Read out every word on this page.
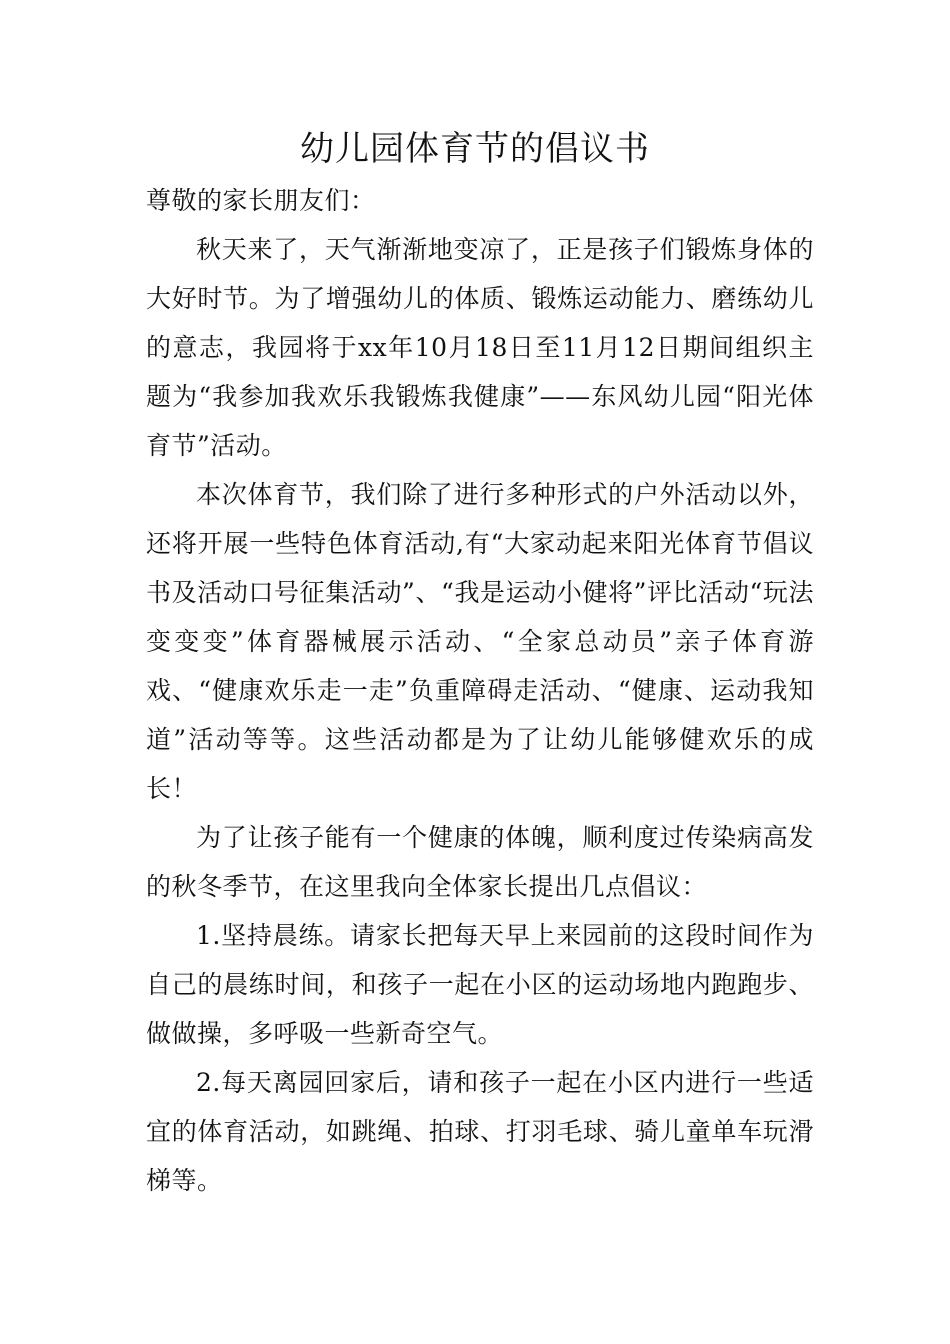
幼儿园体育节的倡议书

尊敬的家长朋友们：

秋天来了，天气渐渐地变凉了，正是孩子们锻炼身体的大好时节。为了增强幼儿的体质、锻炼运动能力、磨练幼儿的意志，我园将于xx年10月18日至11月12日期间组织主题为“我参加我欢乐我锻炼我健康”——东风幼儿园“阳光体育节”活动。

本次体育节，我们除了进行多种形式的户外活动以外，还将开展一些特色体育活动,有“大家动起来阳光体育节倡议书及活动口号征集活动”、“我是运动小健将”评比活动“玩法变变变”体育器械展示活动、“全家总动员”亲子体育游戏、“健康欢乐走一走”负重障碍走活动、“健康、运动我知道”活动等等。这些活动都是为了让幼儿能够健欢乐的成长！

为了让孩子能有一个健康的体魄，顺利度过传染病高发的秋冬季节，在这里我向全体家长提出几点倡议：

1.坚持晨练。请家长把每天早上来园前的这段时间作为自己的晨练时间，和孩子一起在小区的运动场地内跑跑步、做做操，多呼吸一些新奇空气。

2.每天离园回家后，请和孩子一起在小区内进行一些适宜的体育活动，如跳绳、拍球、打羽毛球、骑儿童单车玩滑梯等。
